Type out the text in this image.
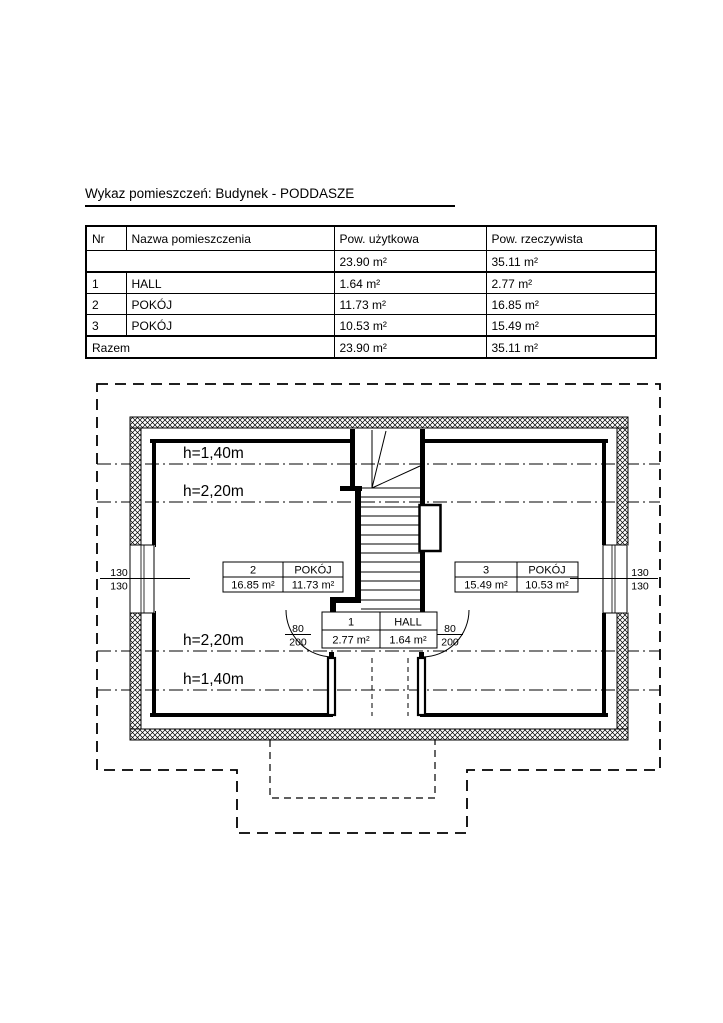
Wykaz pomieszczeń: Budynek - PODDASZE
Nr	Nazwa pomieszczenia	Pow. użytkowa	Pow. rzeczywista
		23.90 m²	35.11 m²
1	HALL	1.64 m²	2.77 m²
2	POKÓJ	11.73 m²	16.85 m²
3	POKÓJ	10.53 m²	15.49 m²
Razem		23.90 m²	35.11 m²
2	POKÓJ
16.85 m² 11.73 m²
3	POKÓJ
15.49 m² 10.53 m²
1	HALL
2.77 m² 1.64 m²
130
130
130
130
80
200
80
200
h=1,40m
h=2,20m
h=2,20m
h=1,40m
